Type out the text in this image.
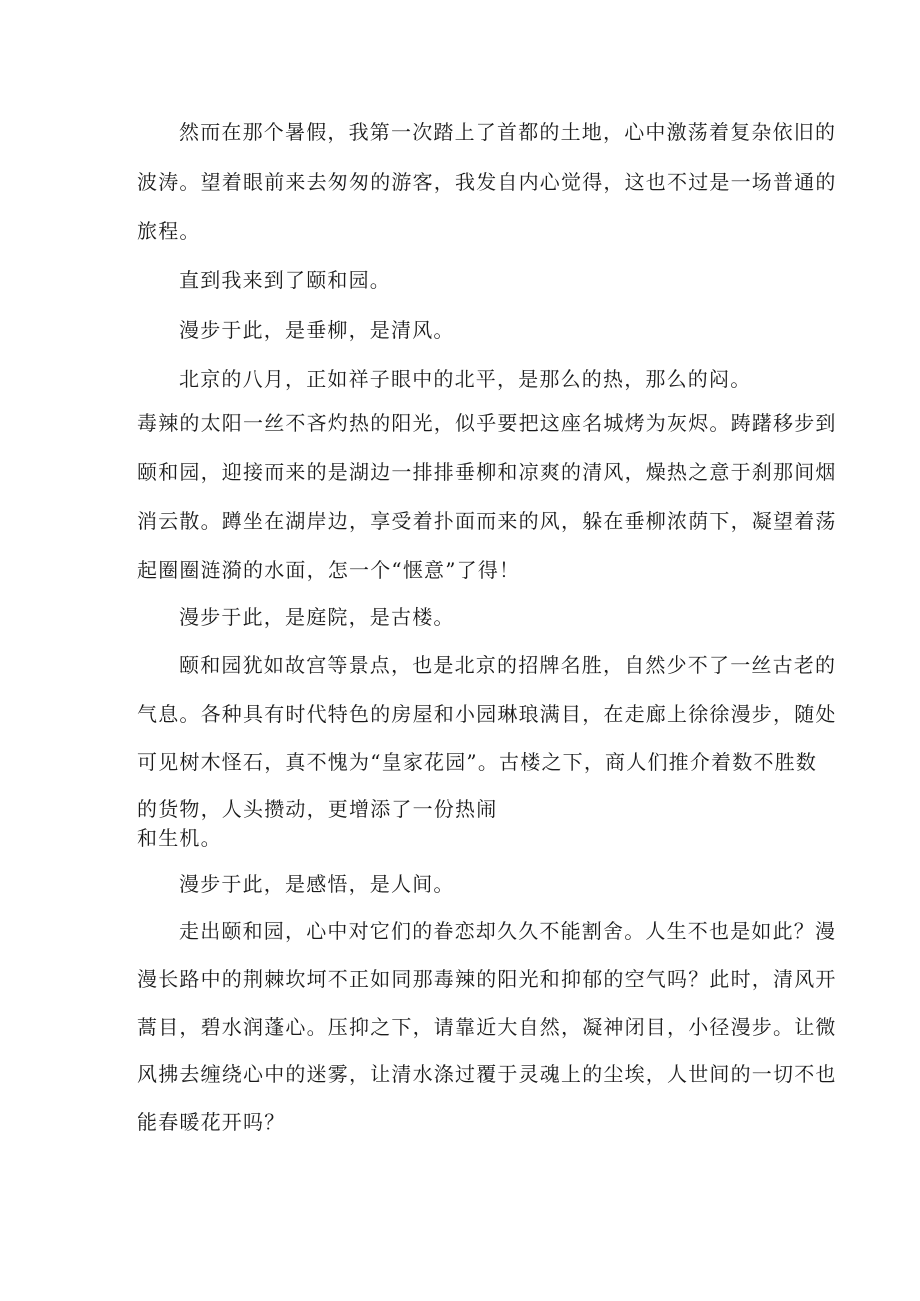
然而在那个暑假，我第一次踏上了首都的土地，心中激荡着复杂依旧的
波涛。望着眼前来去匆匆的游客，我发自内心觉得，这也不过是一场普通的
旅程。
直到我来到了颐和园。
漫步于此，是垂柳，是清风。
北京的八月，正如祥子眼中的北平，是那么的热，那么的闷。
毒辣的太阳一丝不吝灼热的阳光，似乎要把这座名城烤为灰烬。踌躇移步到
颐和园，迎接而来的是湖边一排排垂柳和凉爽的清风，燥热之意于刹那间烟
消云散。蹲坐在湖岸边，享受着扑面而来的风，躲在垂柳浓荫下，凝望着荡
起圈圈涟漪的水面，怎一个“惬意”了得！
漫步于此，是庭院，是古楼。
颐和园犹如故宫等景点，也是北京的招牌名胜，自然少不了一丝古老的
气息。各种具有时代特色的房屋和小园琳琅满目，在走廊上徐徐漫步，随处
可见树木怪石，真不愧为“皇家花园”。古楼之下，商人们推介着数不胜数
的货物，人头攒动，更增添了一份热闹
和生机。
漫步于此，是感悟，是人间。
走出颐和园，心中对它们的眷恋却久久不能割舍。人生不也是如此？漫
漫长路中的荆棘坎坷不正如同那毒辣的阳光和抑郁的空气吗？此时，清风开
蒿目，碧水润蓬心。压抑之下，请靠近大自然，凝神闭目，小径漫步。让微
风拂去缠绕心中的迷雾，让清水涤过覆于灵魂上的尘埃，人世间的一切不也
能春暖花开吗？
